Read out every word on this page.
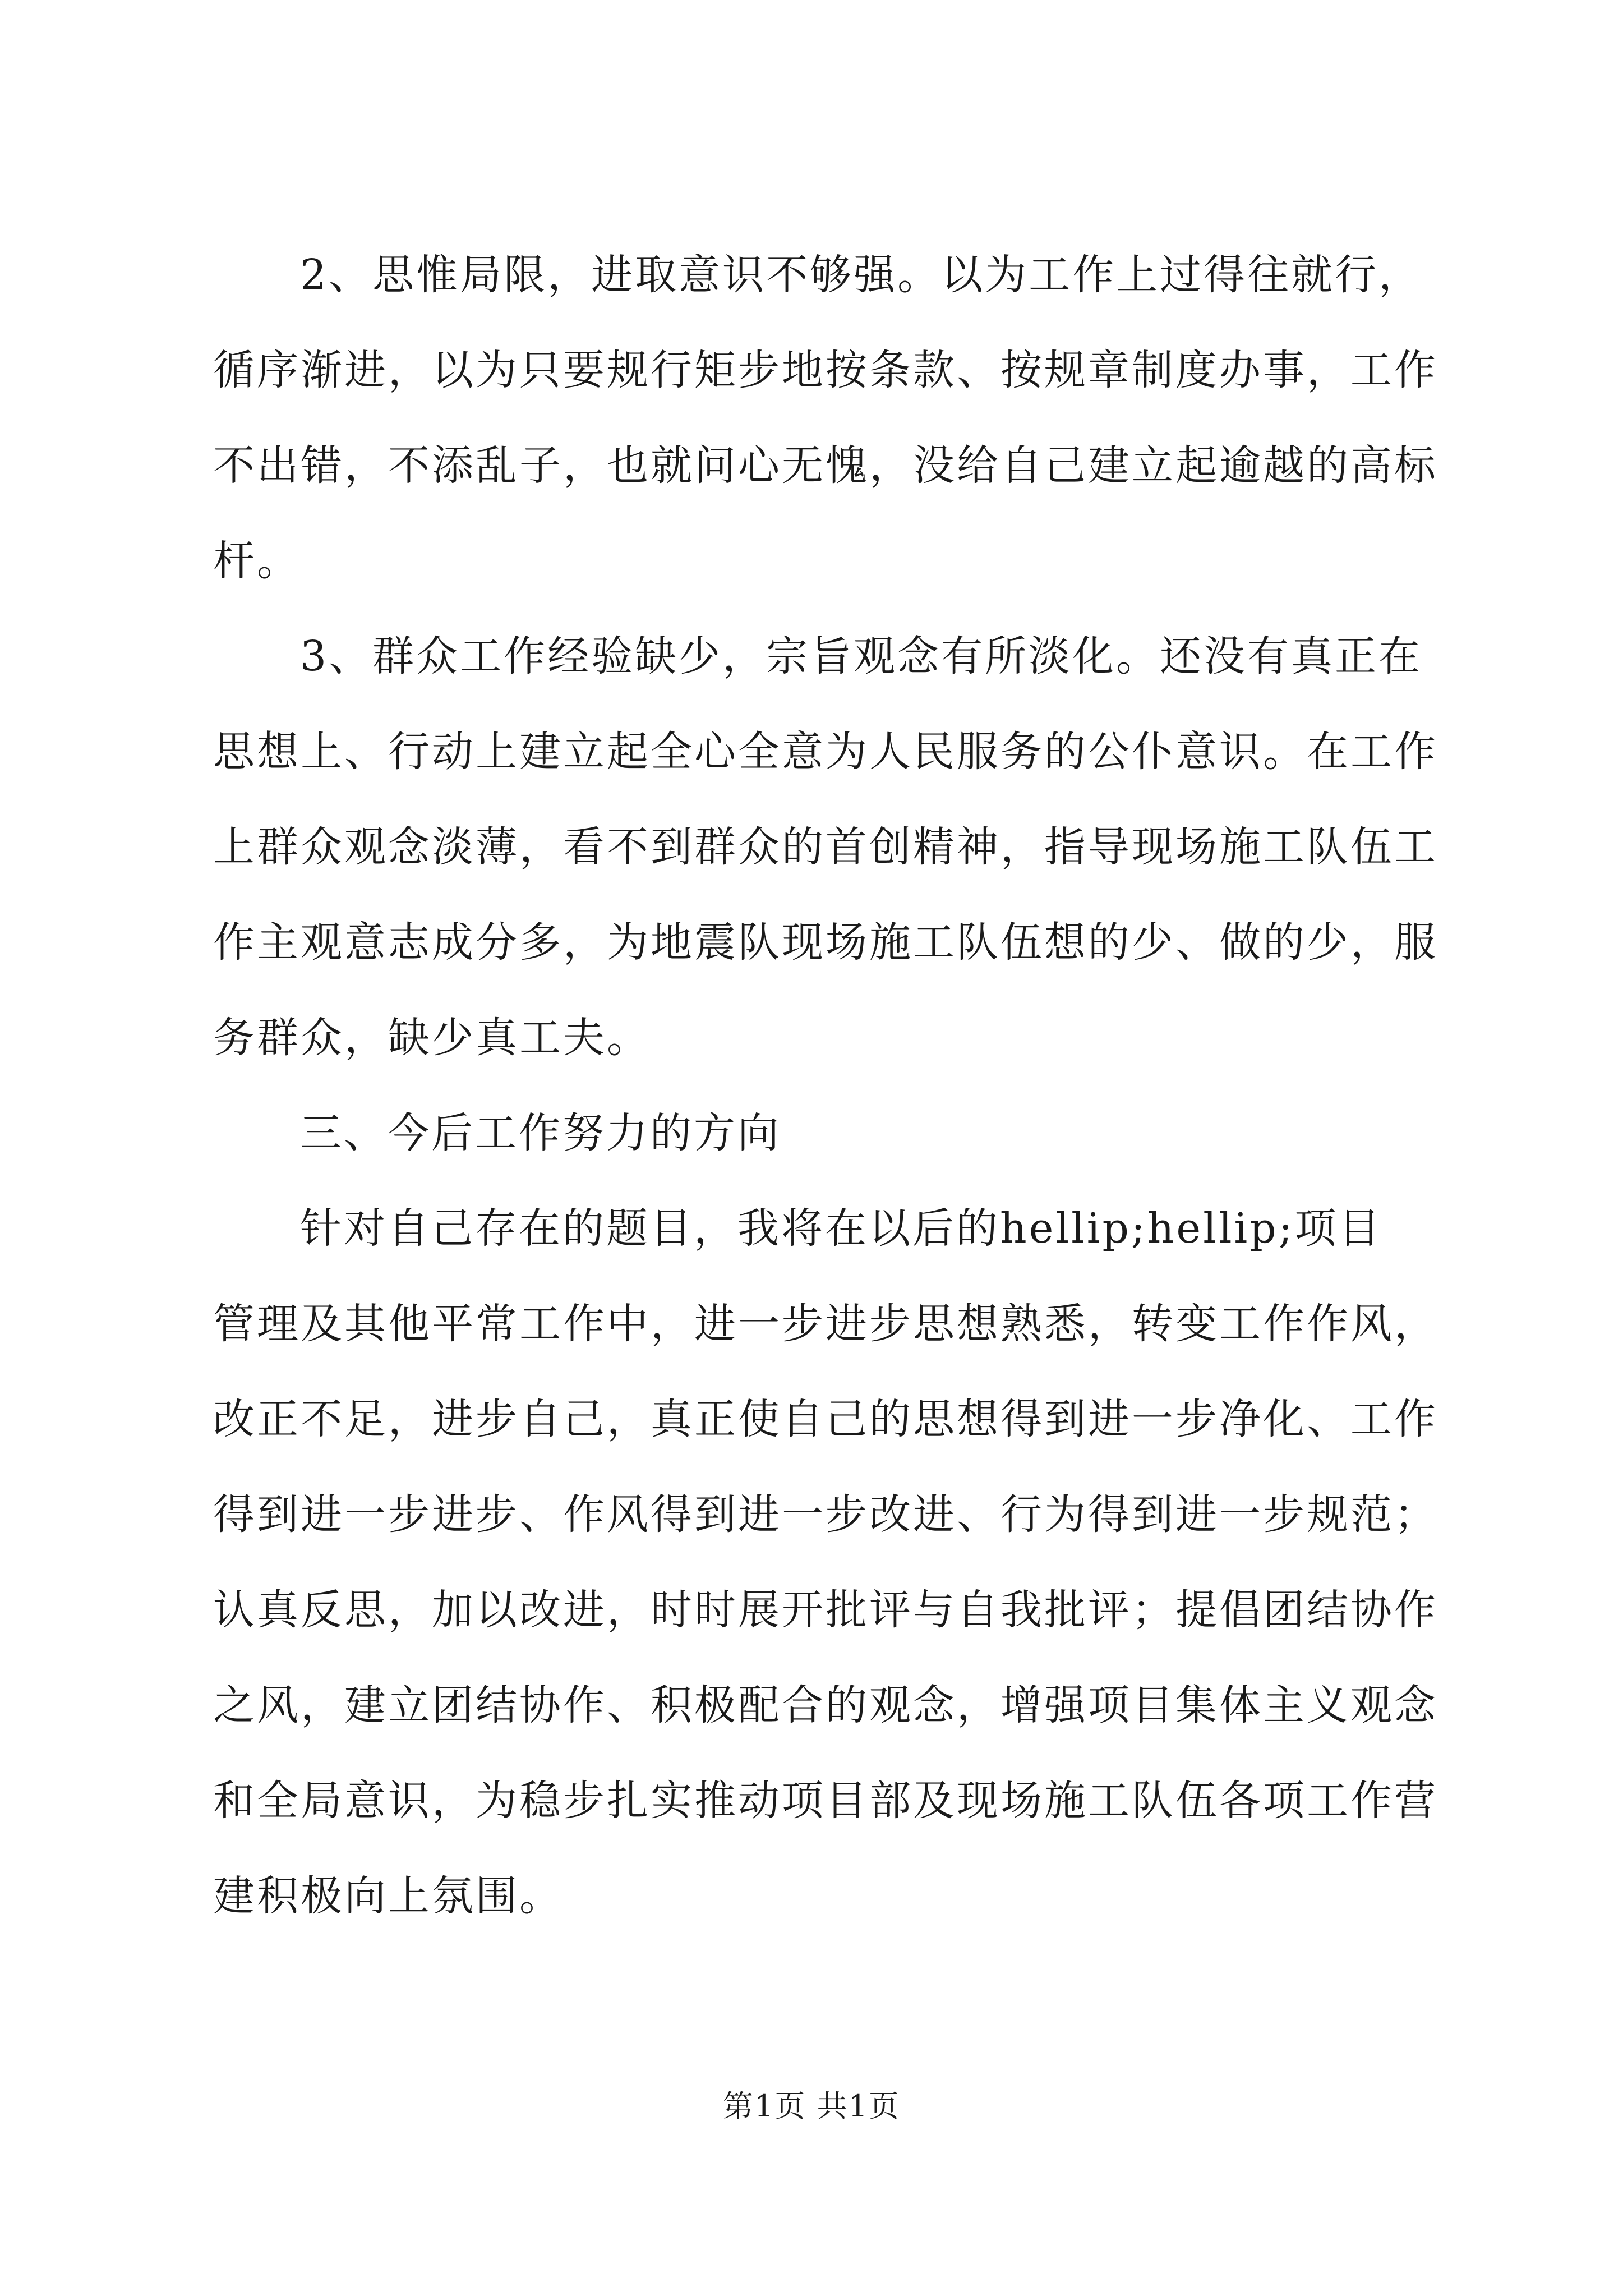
2、思惟局限，进取意识不够强。以为工作上过得往就行，

循序渐进，以为只要规行矩步地按条款、按规章制度办事，工作

不出错，不添乱子，也就问心无愧，没给自己建立起逾越的高标

杆。

3、群众工作经验缺少，宗旨观念有所淡化。还没有真正在

思想上、行动上建立起全心全意为人民服务的公仆意识。在工作

上群众观念淡薄，看不到群众的首创精神，指导现场施工队伍工

作主观意志成分多，为地震队现场施工队伍想的少、做的少，服

务群众，缺少真工夫。

三、今后工作努力的方向

针对自己存在的题目，我将在以后的hellip;hellip;项目

管理及其他平常工作中，进一步进步思想熟悉，转变工作作风，

改正不足，进步自己，真正使自己的思想得到进一步净化、工作

得到进一步进步、作风得到进一步改进、行为得到进一步规范；

认真反思，加以改进，时时展开批评与自我批评；提倡团结协作

之风，建立团结协作、积极配合的观念，增强项目集体主义观念

和全局意识，为稳步扎实推动项目部及现场施工队伍各项工作营

建积极向上氛围。

第1页 共1页
